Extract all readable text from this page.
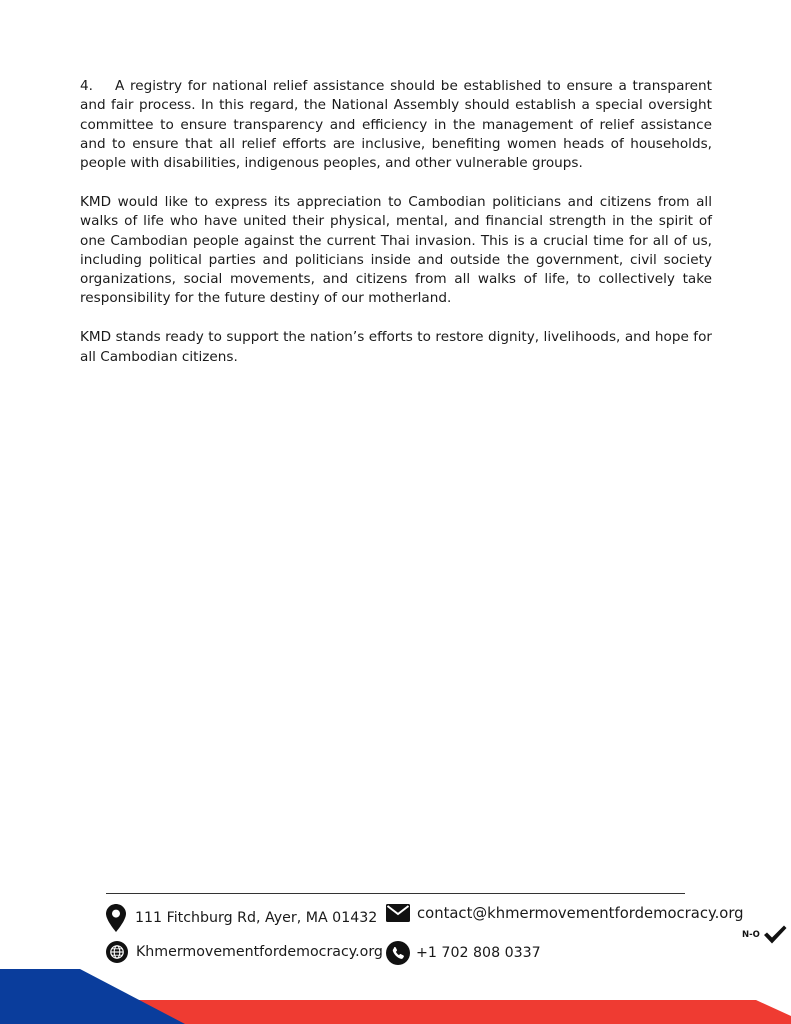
4. A registry for national relief assistance should be established to ensure a transparent and fair process. In this regard, the National Assembly should establish a special oversight committee to ensure transparency and efficiency in the management of relief assistance and to ensure that all relief efforts are inclusive, benefiting women heads of households, people with disabilities, indigenous peoples, and other vulnerable groups.

KMD would like to express its appreciation to Cambodian politicians and citizens from all walks of life who have united their physical, mental, and financial strength in the spirit of one Cambodian people against the current Thai invasion. This is a crucial time for all of us, including political parties and politicians inside and outside the government, civil society organizations, social movements, and citizens from all walks of life, to collectively take responsibility for the future destiny of our motherland.

KMD stands ready to support the nation’s efforts to restore dignity, livelihoods, and hope for all Cambodian citizens.

111 Fitchburg Rd, Ayer, MA 01432	contact@khmermovementfordemocracy.org
Khmermovementfordemocracy.org +1 702 808 0337
N-O
